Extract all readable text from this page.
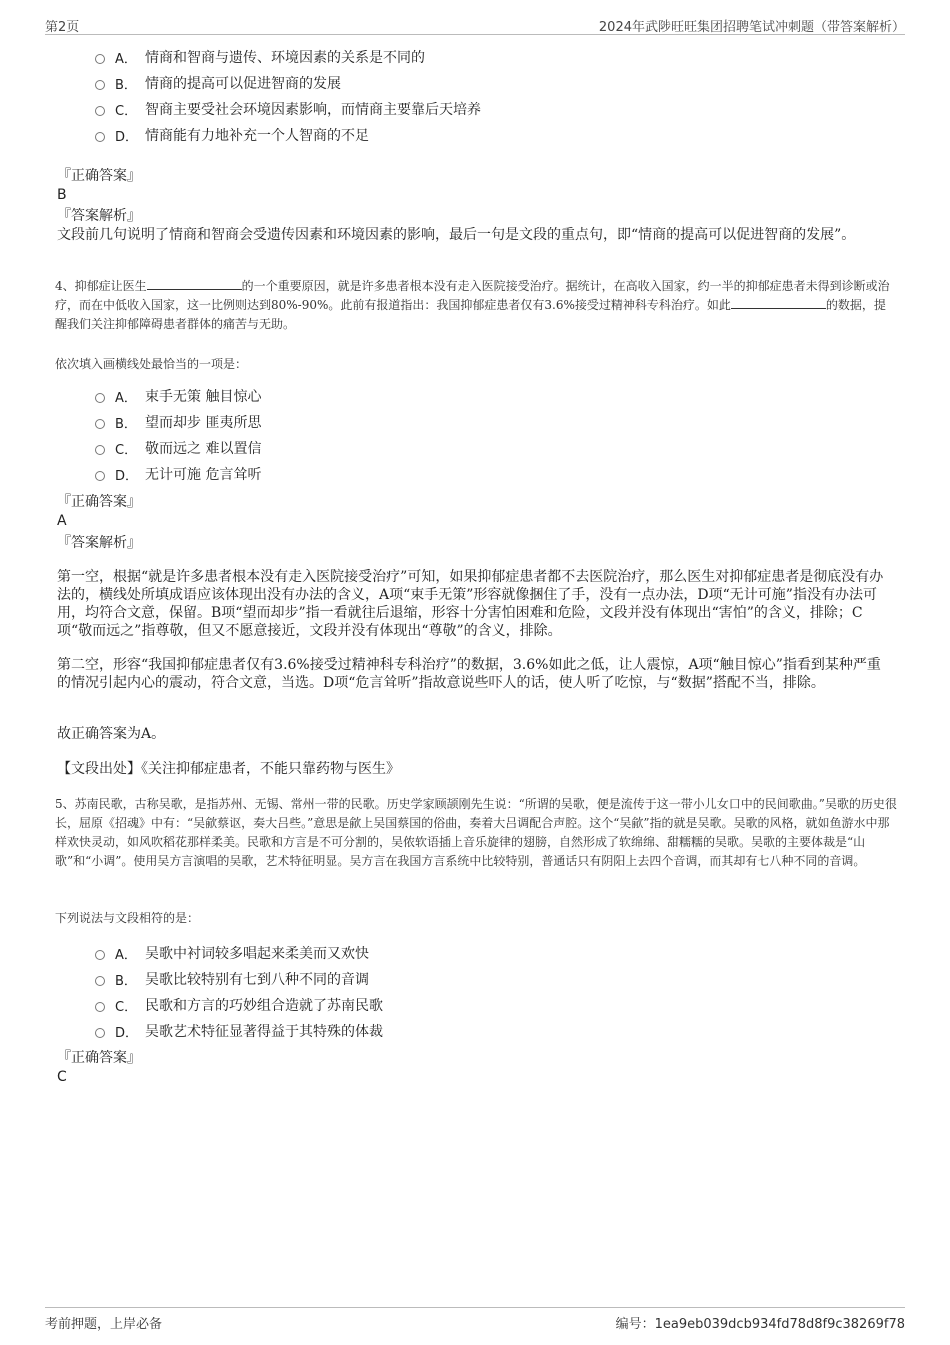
第2页	2024年武陟旺旺集团招聘笔试冲刺题（带答案解析）
A． 情商和智商与遗传、环境因素的关系是不同的
B． 情商的提高可以促进智商的发展
C． 智商主要受社会环境因素影响，而情商主要靠后天培养
D． 情商能有力地补充一个人智商的不足
『正确答案』
B
『答案解析』
文段前几句说明了情商和智商会受遗传因素和环境因素的影响，最后一句是文段的重点句，即“情商的提高可以促进智商的发展”。
4、抑郁症让医生	的一个重要原因，就是许多患者根本没有走入医院接受治疗。据统计，在高收入国家，约一半的抑郁症患者未得到诊断或治疗，而在中低收入国家，这一比例则达到80%-90%。此前有报道指出：我国抑郁症患者仅有3.6%接受过精神科专科治疗。如此	的数据，提醒我们关注抑郁障碍患者群体的痛苦与无助。
依次填入画横线处最恰当的一项是：
A． 束手无策 触目惊心
B． 望而却步 匪夷所思
C． 敬而远之 难以置信
D． 无计可施 危言耸听
『正确答案』
A
『答案解析』
第一空，根据“就是许多患者根本没有走入医院接受治疗”可知，如果抑郁症患者都不去医院治疗，那么医生对抑郁症患者是彻底没有办法的，横线处所填成语应该体现出没有办法的含义，A项“束手无策”形容就像捆住了手，没有一点办法，D项“无计可施”指没有办法可用，均符合文意，保留。B项“望而却步”指一看就往后退缩，形容十分害怕困难和危险，文段并没有体现出“害怕”的含义，排除；C项“敬而远之”指尊敬，但又不愿意接近，文段并没有体现出“尊敬”的含义，排除。
第二空，形容“我国抑郁症患者仅有3.6%接受过精神科专科治疗”的数据，3.6%如此之低，让人震惊，A项“触目惊心”指看到某种严重的情况引起内心的震动，符合文意，当选。D项“危言耸听”指故意说些吓人的话，使人听了吃惊，与“数据”搭配不当，排除。
故正确答案为A。
【文段出处】《关注抑郁症患者，不能只靠药物与医生》
5、苏南民歌，古称吴歌，是指苏州、无锡、常州一带的民歌。历史学家顾颉刚先生说：“所谓的吴歌，便是流传于这一带小儿女口中的民间歌曲。”吴歌的历史很长，屈原《招魂》中有：“吴歈蔡讴，奏大吕些。”意思是歈上吴国蔡国的俗曲，奏着大吕调配合声腔。这个“吴歈”指的就是吴歌。吴歌的风格，就如鱼游水中那样欢快灵动，如风吹稻花那样柔美。民歌和方言是不可分割的，吴侬软语插上音乐旋律的翅膀，自然形成了软绵绵、甜糯糯的吴歌。吴歌的主要体裁是“山歌”和“小调”。使用吴方言演唱的吴歌，艺术特征明显。吴方言在我国方言系统中比较特别，普通话只有阴阳上去四个音调，而其却有七八种不同的音调。
下列说法与文段相符的是：
A． 吴歌中衬词较多唱起来柔美而又欢快
B． 吴歌比较特别有七到八种不同的音调
C． 民歌和方言的巧妙组合造就了苏南民歌
D． 吴歌艺术特征显著得益于其特殊的体裁
『正确答案』
C
考前押题，上岸必备	编号：1ea9eb039dcb934fd78d8f9c38269f78
